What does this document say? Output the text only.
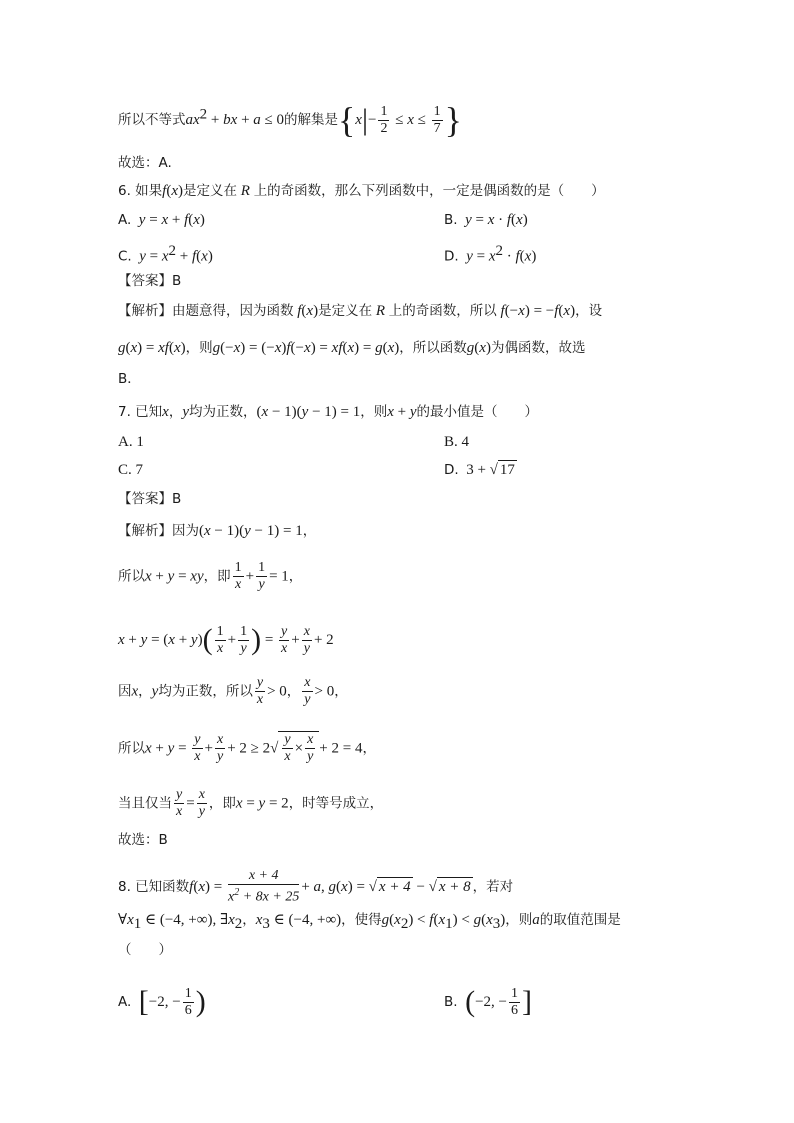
所以不等式$ax^2$ + bx + a ≤ 0的解集是{$x|- \frac{1}{2} \le x \le \frac{1}{7}$ }
故选：A.
6. 如果f(x)是定义在 R 上的奇函数，那么下列函数中，一定是偶函数的是（　　）
A.  y = x + f(x)	B.  y = x · f(x)
C.  $y = x^2 + f(x)$	D.  $y = x^2 \cdot f(x)$
【答案】B
【解析】由题意得，因为函数 f(x)是定义在 R 上的奇函数，所以 f(−x) = −f(x)，设
g(x) = xf(x)，则g(−x) = (−x)f(−x) = xf(x) = g(x)，所以函数g(x)为偶函数，故选
B．
7. 已知x，y均为正数，(x − 1)(y − 1) = 1，则x + y的最小值是（　　）
A. 1	B. 4
C. 7	D.  3 + √ 17
【答案】B
【解析】因为(x − 1)(y − 1) = 1，
所以x + y = xy，即 $\frac{1}{x} + \frac{1}{y} = 1$，
$x + y = (x + y)( \frac{1}{x} + \frac{1}{y}$ ) = $\frac{y}{x} + \frac{x}{y} + 2$
因x，y均为正数，所以 $\frac{y}{x} > 0$， $\frac{x}{y} > 0$，
所以$x + y = \frac{y}{x} + \frac{x}{y} + 2 \ge 2√ \frac{y}{x} \times \frac{x}{y} + 2 = 4$，
当且仅当 $\frac{y}{x} = \frac{x}{y}$ ，即x = y = 2，时等号成立，
故选：B
8. 已知函数$f(x) = \frac{x + 4}{x^2 + 8x + 25} + a$, g(x) = √ x + 4 − √ x + 8 ，若对
$\forall x_1$ ∈ (−4, +∞), $\exists x_2$，$x_3$ ∈ (−4, +∞)，使得$g(x_2) < f(x_1) < g(x_3)$，则a的取值范围是
（　　）
A. [−2, − $\frac{1}{6}$ )	B. (−2, − $\frac{1}{6}$ ]
